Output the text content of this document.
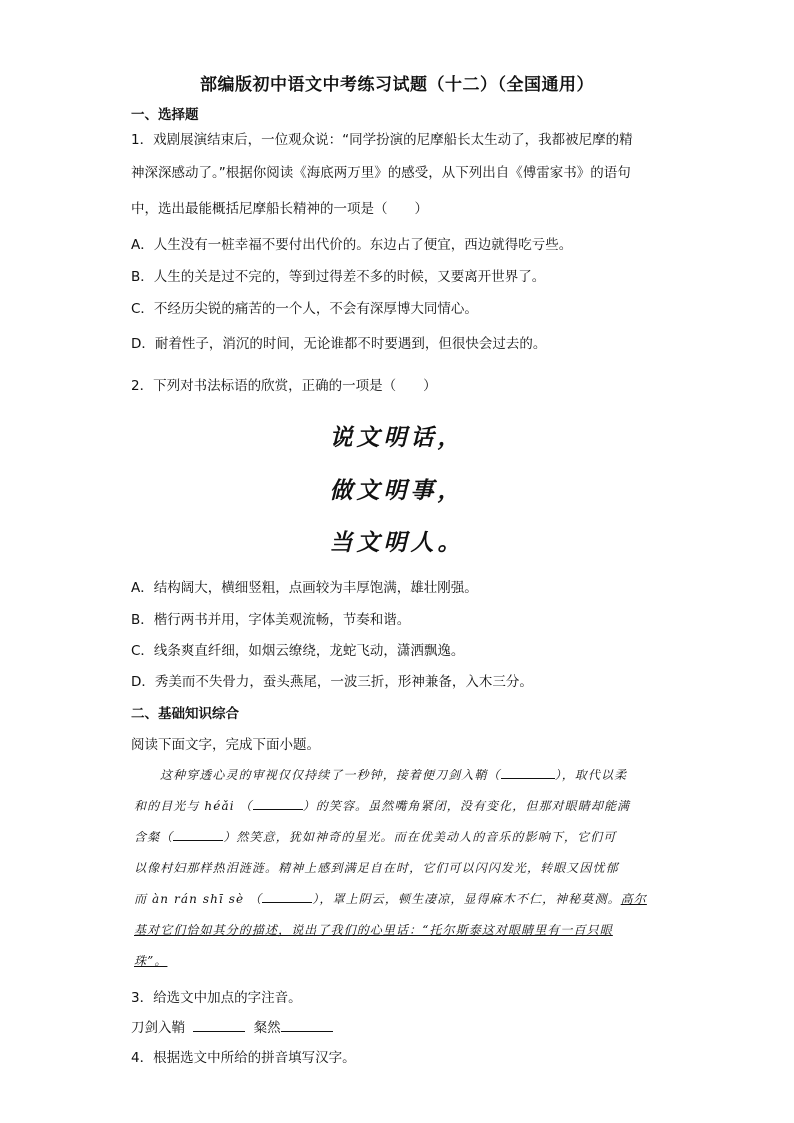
部编版初中语文中考练习试题（十二）（全国通用）
一、选择题
1．戏剧展演结束后，一位观众说：“同学扮演的尼摩船长太生动了，我都被尼摩的精
神深深感动了。”根据你阅读《海底两万里》的感受，从下列出自《傅雷家书》的语句
中，选出最能概括尼摩船长精神的一项是（　　）
A．人生没有一桩幸福不要付出代价的。东边占了便宜，西边就得吃亏些。
B．人生的关是过不完的，等到过得差不多的时候，又要离开世界了。
C．不经历尖锐的痛苦的一个人，不会有深厚博大同情心。
D．耐着性子，消沉的时间，无论谁都不时要遇到，但很快会过去的。
2．下列对书法标语的欣赏，正确的一项是（　　）
说文明话，
做文明事，
当文明人。
A．结构阔大，横细竖粗，点画较为丰厚饱满，雄壮刚强。
B．楷行两书并用，字体美观流畅，节奏和谐。
C．线条爽直纤细，如烟云缭绕，龙蛇飞动，潇洒飘逸。
D．秀美而不失骨力，蚕头燕尾，一波三折，形神兼备，入木三分。
二、基础知识综合
阅读下面文字，完成下面小题。
这种穿透心灵的审视仅仅持续了一秒钟，接着便刀剑入鞘（	），取代以柔
和的目光与 héǎi （	）的笑容。虽然嘴角紧闭，没有变化，但那对眼睛却能满
含粲（	）然笑意，犹如神奇的星光。而在优美动人的音乐的影响下，它们可
以像村妇那样热泪涟涟。精神上感到满足自在时，它们可以闪闪发光，转眼又因忧郁
而 àn rán shī sè （	），罩上阴云，顿生凄凉，显得麻木不仁，神秘莫测。高尔
基对它们恰如其分的描述，说出了我们的心里话：“托尔斯泰这对眼睛里有一百只眼
珠”。
3．给选文中加点的字注音。
刀剑入鞘	粲然
4．根据选文中所给的拼音填写汉字。
